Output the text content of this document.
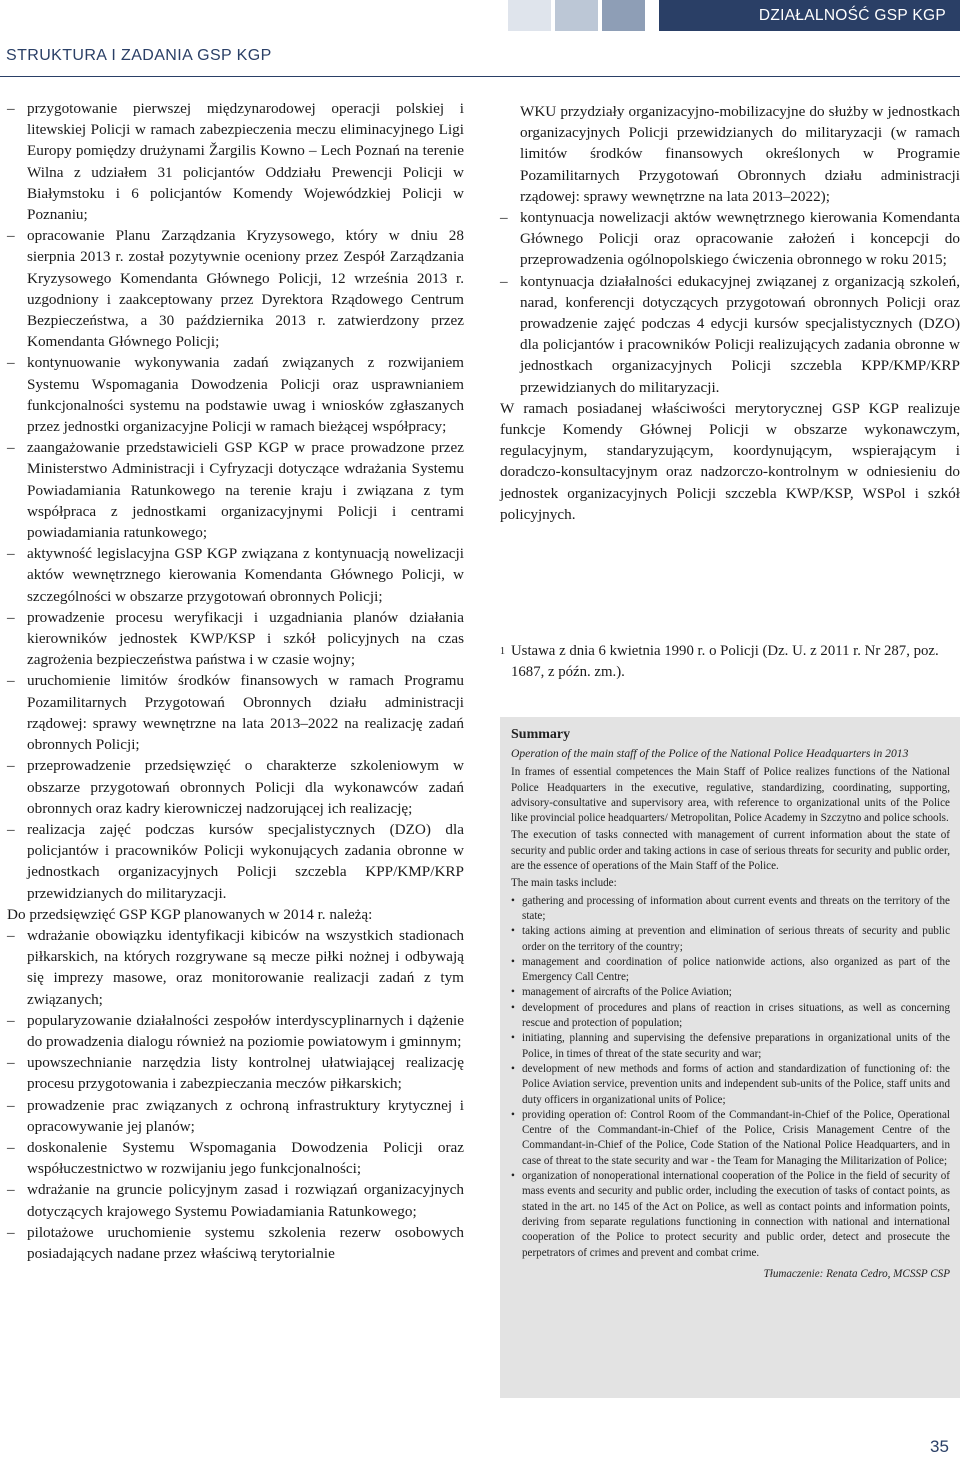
DZIAŁALNOŚĆ GSP KGP
STRUKTURA I ZADANIA GSP KGP
– przygotowanie pierwszej międzynarodowej operacji polskiej i litewskiej Policji w ramach zabezpieczenia meczu eliminacyjnego Ligi Europy pomiędzy drużynami Žargilis Kowno – Lech Poznań na terenie Wilna z udziałem 31 policjantów Oddziału Prewencji Policji w Białymstoku i 6 policjantów Komendy Wojewódzkiej Policji w Poznaniu;
– opracowanie Planu Zarządzania Kryzysowego, który w dniu 28 sierpnia 2013 r. został pozytywnie oceniony przez Zespół Zarządzania Kryzysowego Komendanta Głównego Policji, 12 września 2013 r. uzgodniony i zaakceptowany przez Dyrektora Rządowego Centrum Bezpieczeństwa, a 30 października 2013 r. zatwierdzony przez Komendanta Głównego Policji;
– kontynuowanie wykonywania zadań związanych z rozwijaniem Systemu Wspomagania Dowodzenia Policji oraz usprawnianiem funkcjonalności systemu na podstawie uwag i wniosków zgłaszanych przez jednostki organizacyjne Policji w ramach bieżącej współpracy;
– zaangażowanie przedstawicieli GSP KGP w prace prowadzone przez Ministerstwo Administracji i Cyfryzacji dotyczące wdrażania Systemu Powiadamiania Ratunkowego na terenie kraju i związana z tym współpraca z jednostkami organizacyjnymi Policji i centrami powiadamiania ratunkowego;
– aktywność legislacyjna GSP KGP związana z kontynuacją nowelizacji aktów wewnętrznego kierowania Komendanta Głównego Policji, w szczególności w obszarze przygotowań obronnych Policji;
– prowadzenie procesu weryfikacji i uzgadniania planów działania kierowników jednostek KWP/KSP i szkół policyjnych na czas zagrożenia bezpieczeństwa państwa i w czasie wojny;
– uruchomienie limitów środków finansowych w ramach Programu Pozamilitarnych Przygotowań Obronnych działu administracji rządowej: sprawy wewnętrzne na lata 2013–2022 na realizację zadań obronnych Policji;
– przeprowadzenie przedsięwzięć o charakterze szkoleniowym w obszarze przygotowań obronnych Policji dla wykonawców zadań obronnych oraz kadry kierowniczej nadzorującej ich realizację;
– realizacja zajęć podczas kursów specjalistycznych (DZO) dla policjantów i pracowników Policji wykonujących zadania obronne w jednostkach organizacyjnych Policji szczebla KPP/KMP/KRP przewidzianych do militaryzacji.

Do przedsięwzięć GSP KGP planowanych w 2014 r. należą:

– wdrażanie obowiązku identyfikacji kibiców na wszystkich stadionach piłkarskich, na których rozgrywane są mecze piłki nożnej i odbywają się imprezy masowe, oraz monitorowanie realizacji zadań z tym związanych;
– popularyzowanie działalności zespołów interdyscyplinarnych i dążenie do prowadzenia dialogu również na poziomie powiatowym i gminnym;
– upowszechnianie narzędzia listy kontrolnej ułatwiającej realizację procesu przygotowania i zabezpieczania meczów piłkarskich;
– prowadzenie prac związanych z ochroną infrastruktury krytycznej i opracowywanie jej planów;
– doskonalenie Systemu Wspomagania Dowodzenia Policji oraz współuczestnictwo w rozwijaniu jego funkcjonalności;
– wdrażanie na gruncie policyjnym zasad i rozwiązań organizacyjnych dotyczących krajowego Systemu Powiadamiania Ratunkowego;
– pilotażowe uruchomienie systemu szkolenia rezerw osobowych posiadających nadane przez właściwą terytorialnie
WKU przydziały organizacyjno-mobilizacyjne do służby w jednostkach organizacyjnych Policji przewidzianych do militaryzacji (w ramach limitów środków finansowych określonych w Programie Pozamilitarnych Przygotowań Obronnych działu administracji rządowej: sprawy wewnętrzne na lata 2013–2022);
– kontynuacja nowelizacji aktów wewnętrznego kierowania Komendanta Głównego Policji oraz opracowanie założeń i koncepcji do przeprowadzenia ogólnopolskiego ćwiczenia obronnego w roku 2015;
– kontynuacja działalności edukacyjnej związanej z organizacją szkoleń, narad, konferencji dotyczących przygotowań obronnych Policji oraz prowadzenie zajęć podczas 4 edycji kursów specjalistycznych (DZO) dla policjantów i pracowników Policji realizujących zadania obronne w jednostkach organizacyjnych Policji szczebla KPP/KMP/KRP przewidzianych do militaryzacji.

W ramach posiadanej właściwości merytorycznej GSP KGP realizuje funkcje Komendy Głównej Policji w obszarze wykonawczym, regulacyjnym, standaryzującym, koordynującym, wspierającym i doradczo-konsultacyjnym oraz nadzorczo-kontrolnym w odniesieniu do jednostek organizacyjnych Policji szczebla KWP/KSP, WSPol i szkół policyjnych.

1 Ustawa z dnia 6 kwietnia 1990 r. o Policji (Dz. U. z 2011 r. Nr 287, poz. 1687, z późn. zm.).
Summary

Operation of the main staff of the Police of the National Police Headquarters in 2013

In frames of essential competences the Main Staff of Police realizes functions of the National Police Headquarters in the executive, regulative, standardizing, coordinating, supporting, advisory-consultative and supervisory area, with reference to organizational units of the Police like provincial police headquarters/ Metropolitan, Police Academy in Szczytno and police schools.

The execution of tasks connected with management of current information about the state of security and public order and taking actions in case of serious threats for security and public order, are the essence of operations of the Main Staff of the Police.

The main tasks include:

• gathering and processing of information about current events and threats on the territory of the state;
• taking actions aiming at prevention and elimination of serious threats of security and public order on the territory of the country;
• management and coordination of police nationwide actions, also organized as part of the Emergency Call Centre;
• management of aircrafts of the Police Aviation;
• development of procedures and plans of reaction in crises situations, as well as concerning rescue and protection of population;
• initiating, planning and supervising the defensive preparations in organizational units of the Police, in times of threat of the state security and war;
• development of new methods and forms of action and standardization of functioning of: the Police Aviation service, prevention units and independent sub-units of the Police, staff units and duty officers in organizational units of Police;
• providing operation of: Control Room of the Commandant-in-Chief of the Police, Operational Centre of the Commandant-in-Chief of the Police, Crisis Management Centre of the Commandant-in-Chief of the Police, Code Station of the National Police Headquarters, and in case of threat to the state security and war - the Team for Managing the Militarization of Police;
• organization of nonoperational international cooperation of the Police in the field of security of mass events and security and public order, including the execution of tasks of contact points, as stated in the art. no 145 of the Act on Police, as well as contact points and information points, deriving from separate regulations functioning in connection with national and international cooperation of the Police to protect security and public order, detect and prosecute the perpetrators of crimes and prevent and combat crime.

Tłumaczenie: Renata Cedro, MCSSP CSP

35
